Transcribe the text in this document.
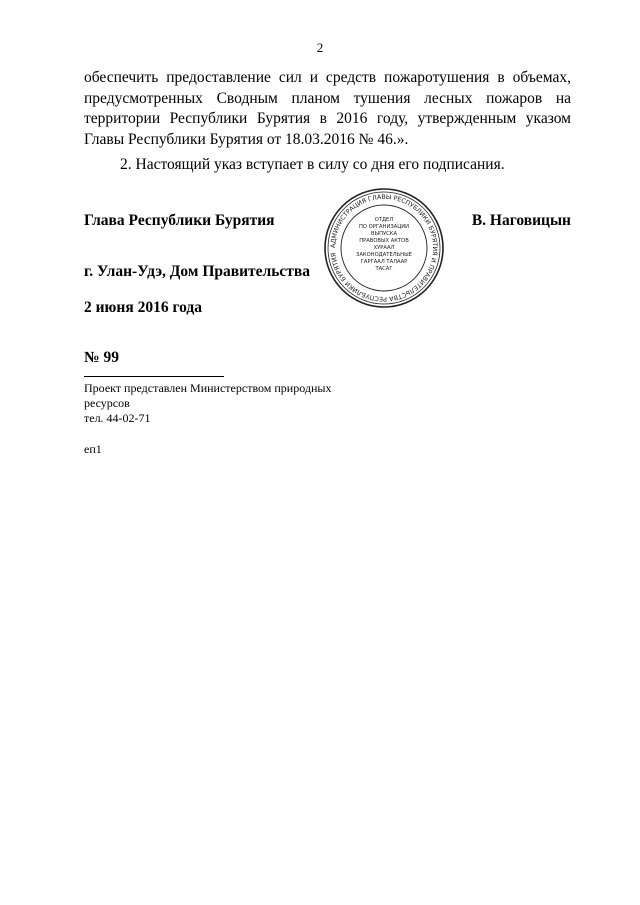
2
обеспечить предоставление сил и средств пожаротушения в объемах, предусмотренных Сводным планом тушения лесных пожаров на территории Республики Бурятия в 2016 году, утвержденным указом Главы Республики Бурятия от 18.03.2016 № 46.».
2. Настоящий указ вступает в силу со дня его подписания.
Глава Республики Бурятия	В. Наговицын
АДМИНИСТРАЦИЯ ГЛАВЫ РЕСПУБЛИКИ БУРЯТИЯ И ПРАВИТЕЛЬСТВА РЕСПУБЛИКИ БУРЯТИЯ
ОТДЕЛ
ПО ОРГАНИЗАЦИИ
ВЫПУСКА
ПРАВОВЫХ АКТОВ
ХУРААЛ
ЗАКОНОДАТЕЛЬНЫЕ
ГАРГААЛ ТАЛААР
ТАСАГ
г. Улан-Удэ, Дом Правительства
2 июня 2016 года
№ 99
Проект представлен Министерством природных ресурсов
тел. 44-02-71
еп1
